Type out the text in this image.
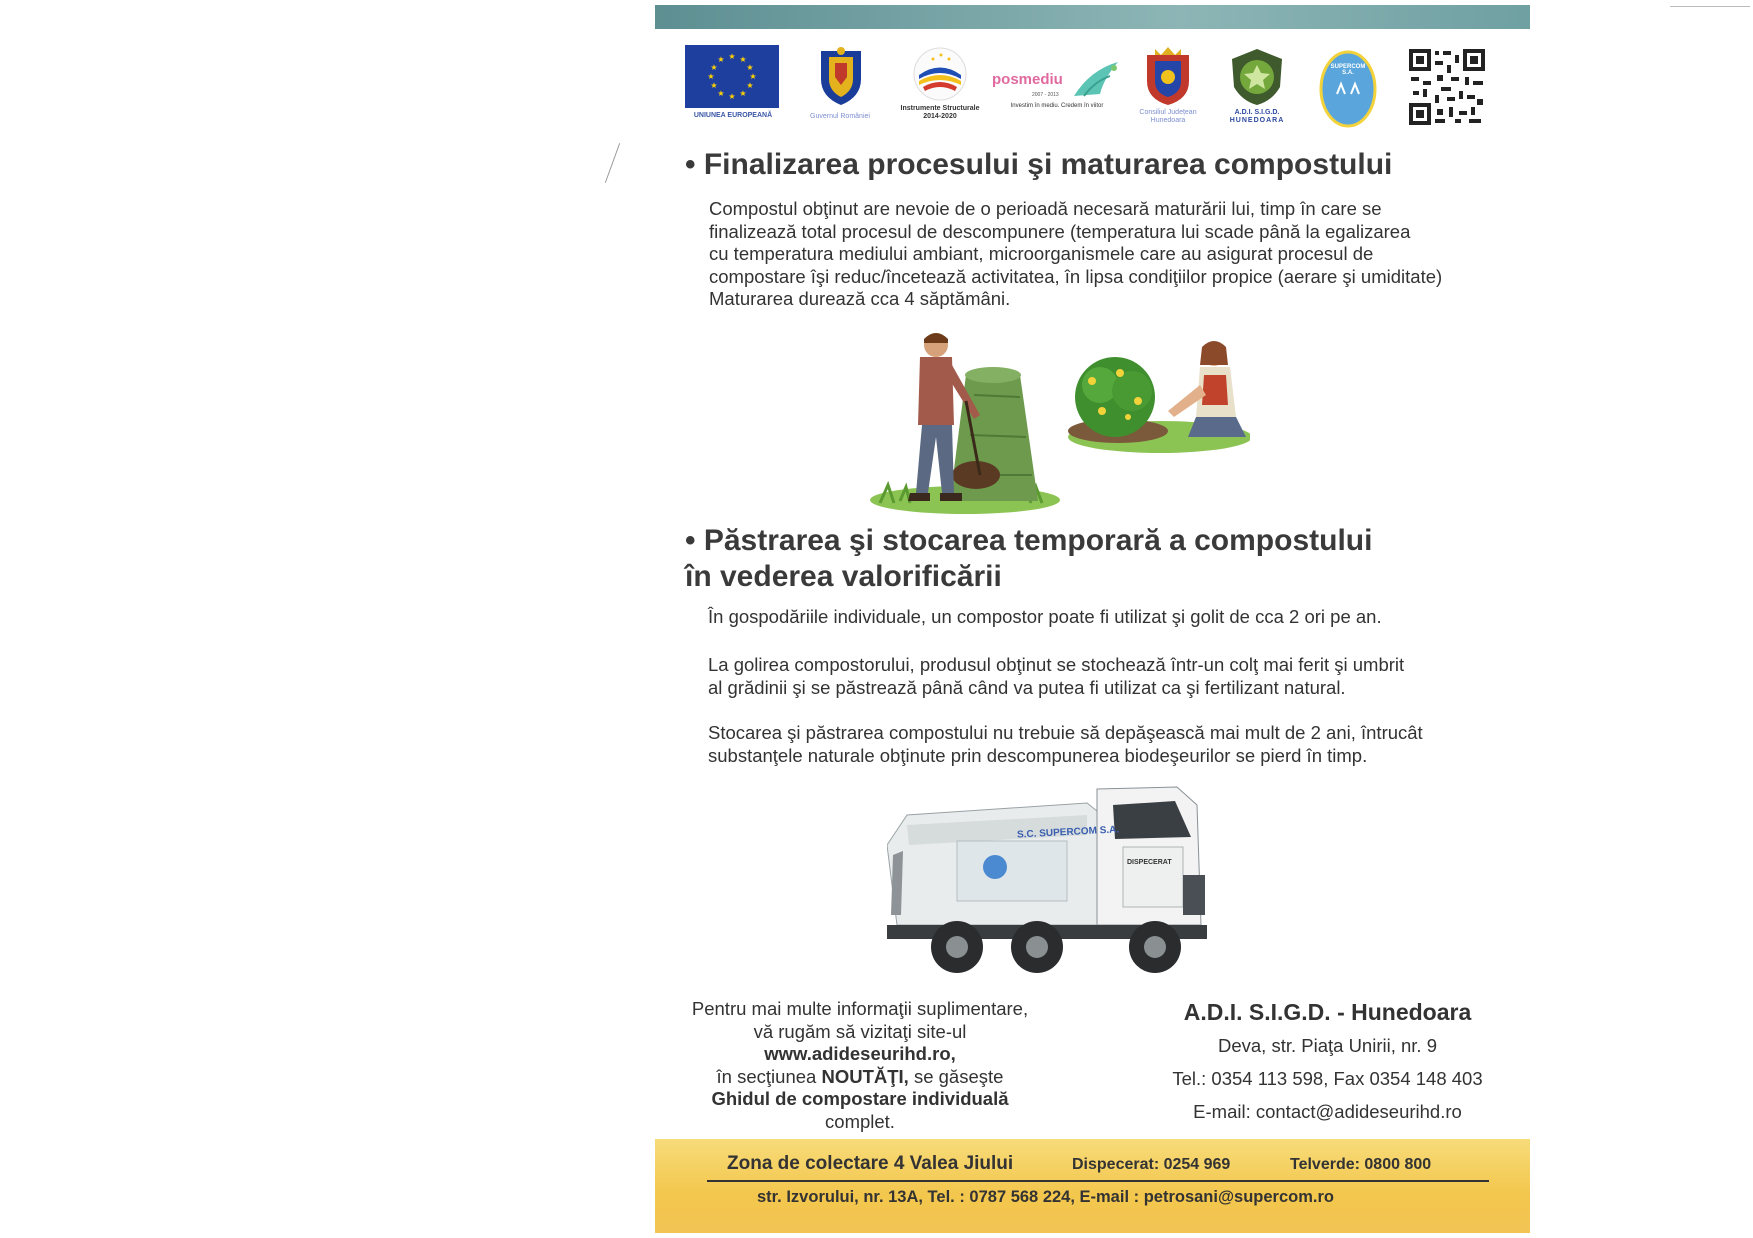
★ ★
★
★
★
★
★
★
★
★
★
★
UNIUNEA EUROPEANĂ	Guvernul României
Instrumente Structurale
2014-2020
posmediu
2007 - 2013
Investim în mediu. Credem în viitor
Consiliul Județean
Hunedoara
A.D.I. S.I.G.D.
HUNEDOARA
SUPERCOM S.A.
• Finalizarea procesului şi maturarea compostului
Compostul obţinut are nevoie de o perioadă necesară maturării lui, timp în care se
finalizează total procesul de descompunere (temperatura lui scade până la egalizarea
cu temperatura mediului ambiant, microorganismele care au asigurat procesul de
compostare îşi reduc/încetează activitatea, în lipsa condiţiilor propice (aerare şi umiditate)
Maturarea durează cca 4 săptămâni.
• Păstrarea şi stocarea temporară a compostului
în vederea valorificării

În gospodăriile individuale, un compostor poate fi utilizat şi golit de cca 2 ori pe an.

La golirea compostorului, produsul obţinut se stochează într-un colţ mai ferit şi umbrit
al grădinii şi se păstrează până când va putea fi utilizat ca şi fertilizant natural.
Stocarea şi păstrarea compostului nu trebuie să depăşească mai mult de 2 ani, întrucât
substanţele naturale obţinute prin descompunerea biodeşeurilor se pierd în timp.
S.C. SUPERCOM S.A.
DISPECERAT
Pentru mai multe informaţii suplimentare,
vă rugăm să vizitaţi site-ul
www.adideseurihd.ro,
în secţiunea NOUTĂŢI, se găseşte
Ghidul de compostare individuală complet.
A.D.I. S.I.G.D. - Hunedoara
Deva, str. Piaţa Unirii, nr. 9
Tel.: 0354 113 598, Fax 0354 148 403
E-mail: contact@adideseurihd.ro
Zona de colectare 4 Valea Jiului	Dispecerat: 0254 969	Telverde: 0800 800
str. Izvorului, nr. 13A, Tel. : 0787 568 224, E-mail : petrosani@supercom.ro
